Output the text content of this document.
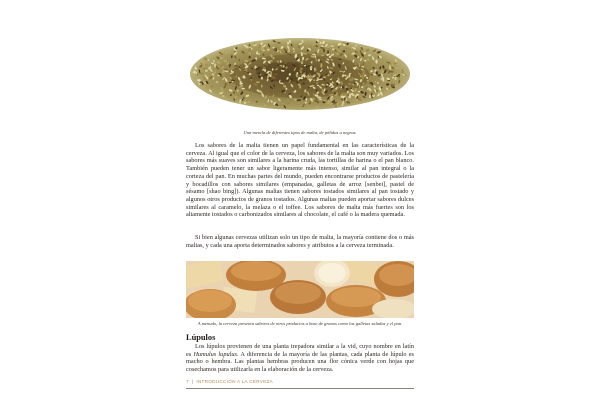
Una mezcla de diferentes tipos de malta, de pálidas a negras.

Los sabores de la malta tienen un papel fundamental en las características de la cerveza. Al igual que el color de la cerveza, los sabores de la malta son muy variados. Los sabores más suaves son similares a la harina cruda, las tortillas de harina o el pan blanco. También pueden tener un sabor ligeramente más intenso, similar al pan integral o la corteza del pan. En muchas partes del mundo, pueden encontrarse productos de pastelería y bocadillos con sabores similares (empanadas, galletas de arroz [senbei], pastel de sésamo [shao bing]). Algunas maltas tienen sabores tostados similares al pan tostado y algunos otros productos de granos tostados. Algunas maltas pueden aportar sabores dulces similares al caramelo, la melaza o el toffee. Los sabores de malta más fuertes son los altamente tostados o carbonizados similares al chocolate, el café o la madera quemada.

Si bien algunas cervezas utilizan solo un tipo de malta, la mayoría contiene dos o más maltas, y cada una aporta determinados sabores y atributos a la cerveza terminada.

A menudo, la cerveza presenta sabores de otros productos a base de granos como las galletas saladas y el pan.
Lúpulos

Los lúpulos provienen de una planta trepadora similar a la vid, cuyo nombre en latín es Humulus lupulus. A diferencia de la mayoría de las plantas, cada planta de lúpulo es macho o hembra. Las plantas hembras producen una flor cónica verde con hojas que cosechamos para utilizarla en la elaboración de la cerveza.

7 | INTRODUCCIÓN A LA CERVEZA
